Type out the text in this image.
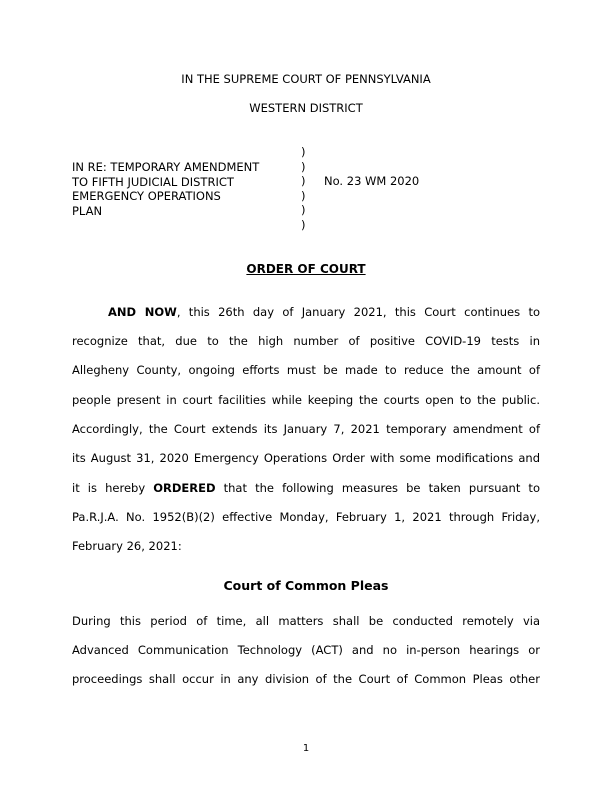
IN THE SUPREME COURT OF PENNSYLVANIA
WESTERN DISTRICT
IN RE: TEMPORARY AMENDMENT
TO FIFTH JUDICIAL DISTRICT
EMERGENCY OPERATIONS
PLAN
)
)
)
)
)
)
No. 23 WM 2020
ORDER OF COURT
AND NOW, this 26th day of January 2021, this Court continues to
recognize that, due to the high number of positive COVID-19 tests in
Allegheny County, ongoing efforts must be made to reduce the amount of
people present in court facilities while keeping the courts open to the public.
Accordingly, the Court extends its January 7, 2021 temporary amendment of
its August 31, 2020 Emergency Operations Order with some modifications and
it is hereby ORDERED that the following measures be taken pursuant to
Pa.R.J.A. No. 1952(B)(2) effective Monday, February 1, 2021 through Friday,
February 26, 2021:
Court of Common Pleas
During this period of time, all matters shall be conducted remotely via
Advanced Communication Technology (ACT) and no in-person hearings or
proceedings shall occur in any division of the Court of Common Pleas other
1
